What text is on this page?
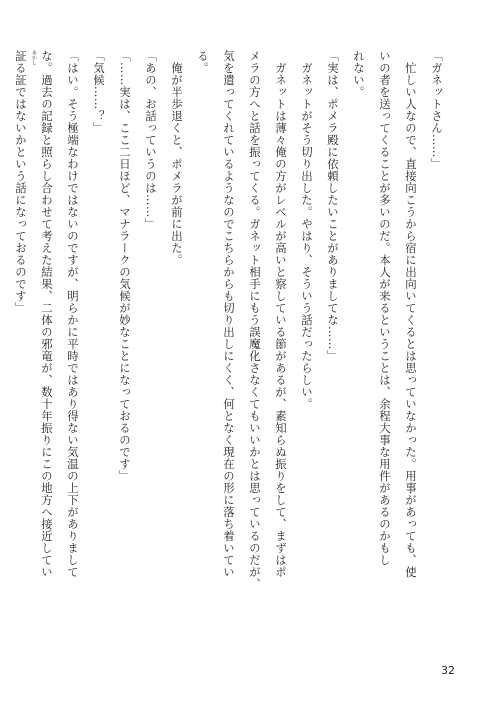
「ガネットさん……」
　忙しい人なので、直接向こうから宿に出向いてくるとは思っていなかった。用事があっても、使
いの者を送ってくることが多いのだ。本人が来るということは、余程大事な用件があるのかもし
れない。
「実は、ポメラ殿に依頼したいことがありましてな……」
　ガネットがそう切り出した。やはり、そういう話だったらしい。
　ガネットは薄々俺の方がレベルが高いと察している節があるが、素知らぬ振りをして、まずはポ
メラの方へと話を振ってくる。ガネット相手にもう誤魔化さなくてもいいかとは思っているのだが、
気を遣ってくれているようなのでこちらからも切り出しにくく、何となく現在の形に落ち着いてい
る。
　俺が半歩退くと、ポメラが前に出た。
「あの、お話っていうのは……」
「……実は、ここ二日ほど、マナラークの気候が妙なことになっておるのです」
「気候……？」
「はい。そう極端なわけではないのですが、明らかに平時ではあり得ない気温の上下がありまして
な。過去の記録と照らし合わせて考えた結果、二体の邪竜が、数十年振りにこの地方へ接近してい
証 あかし
る証ではないかという話になっておるのです」
32
